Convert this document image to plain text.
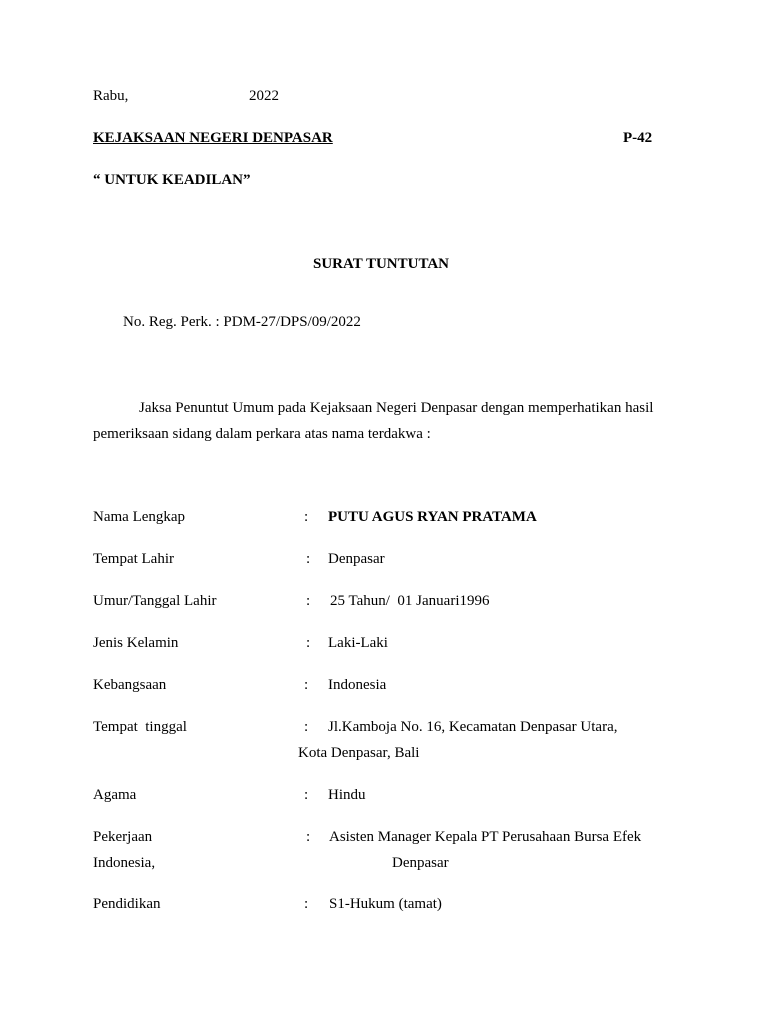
Rabu,	2022
KEJAKSAAN NEGERI DENPASAR	P-42
“ UNTUK KEADILAN”
SURAT TUNTUTAN
No. Reg. Perk. : PDM-27/DPS/09/2022
Jaksa Penuntut Umum pada Kejaksaan Negeri Denpasar dengan memperhatikan hasil
pemeriksaan sidang dalam perkara atas nama terdakwa :
Nama Lengkap	: PUTU AGUS RYAN PRATAMA
Tempat Lahir	: Denpasar
Umur/Tanggal Lahir	: 25 Tahun/  01 Januari1996
Jenis Kelamin	: Laki-Laki
Kebangsaan	: Indonesia
Tempat  tinggal	: Jl.Kamboja No. 16, Kecamatan Denpasar Utara,
Kota Denpasar, Bali
Agama	: Hindu
Pekerjaan	: Asisten Manager Kepala PT Perusahaan Bursa Efek
Indonesia,	Denpasar
Pendidikan	: S1-Hukum (tamat)
